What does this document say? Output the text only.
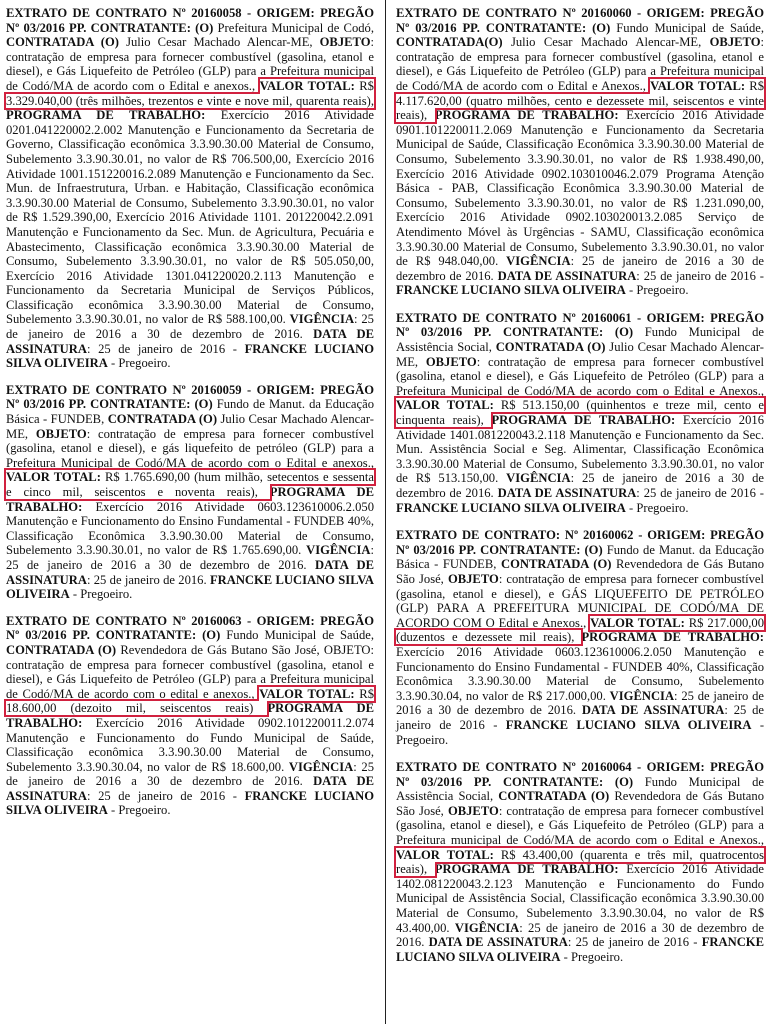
EXTRATO DE CONTRATO Nº 20160058 - ORIGEM: PREGÃO Nº 03/2016 PP. CONTRATANTE: (O) Prefeitura Municipal de Codó, CONTRATADA (O) Julio Cesar Machado Alencar-ME, OBJETO: contratação de empresa para fornecer combustível (gasolina, etanol e diesel), e Gás Liquefeito de Petróleo (GLP) para a Prefeitura municipal de Codó/MA de acordo com o Edital e anexos., VALOR TOTAL: R$ 3.329.040,00 (três milhões, trezentos e vinte e nove mil, quarenta reais), PROGRAMA DE TRABALHO: Exercício 2016 Atividade 0201.041220002.2.002 Manutenção e Funcionamento da Secretaria de Governo, Classificação econômica 3.3.90.30.00 Material de Consumo, Subelemento 3.3.90.30.01, no valor de R$ 706.500,00, Exercício 2016 Atividade 1001.151220016.2.089 Manutenção e Funcionamento da Sec. Mun. de Infraestrutura, Urban. e Habitação, Classificação econômica 3.3.90.30.00 Material de Consumo, Subelemento 3.3.90.30.01, no valor de R$ 1.529.390,00, Exercício 2016 Atividade 1101. 201220042.2.091 Manutenção e Funcionamento da Sec. Mun. de Agricultura, Pecuária e Abastecimento, Classificação econômica 3.3.90.30.00 Material de Consumo, Subelemento 3.3.90.30.01, no valor de R$ 505.050,00, Exercício 2016 Atividade 1301.041220020.2.113 Manutenção e Funcionamento da Secretaria Municipal de Serviços Públicos, Classificação econômica 3.3.90.30.00 Material de Consumo, Subelemento 3.3.90.30.01, no valor de R$ 588.100,00. VIGÊNCIA: 25 de janeiro de 2016 a 30 de dezembro de 2016. DATA DE ASSINATURA: 25 de janeiro de 2016 - FRANCKE LUCIANO SILVA OLIVEIRA - Pregoeiro.

EXTRATO DE CONTRATO Nº 20160059 - ORIGEM: PREGÃO Nº 03/2016 PP. CONTRATANTE: (O) Fundo de Manut. da Educação Básica - FUNDEB, CONTRATADA (O) Julio Cesar Machado Alencar-ME, OBJETO: contratação de empresa para fornecer combustível (gasolina, etanol e diesel), e gás liquefeito de petróleo (GLP) para a Prefeitura Municipal de Codó/MA de acordo com o Edital e anexos., VALOR TOTAL: R$ 1.765.690,00 (hum milhão, setecentos e sessenta e cinco mil, seiscentos e noventa reais), PROGRAMA DE TRABALHO: Exercício 2016 Atividade 0603.123610006.2.050 Manutenção e Funcionamento do Ensino Fundamental - FUNDEB 40%, Classificação Econômica 3.3.90.30.00 Material de Consumo, Subelemento 3.3.90.30.01, no valor de R$ 1.765.690,00. VIGÊNCIA: 25 de janeiro de 2016 a 30 de dezembro de 2016. DATA DE ASSINATURA: 25 de janeiro de 2016. FRANCKE LUCIANO SILVA OLIVEIRA - Pregoeiro.

EXTRATO DE CONTRATO Nº 20160063 - ORIGEM: PREGÃO Nº 03/2016 PP. CONTRATANTE: (O) Fundo Municipal de Saúde, CONTRATADA (O) Revendedora de Gás Butano São José, OBJETO: contratação de empresa para fornecer combustível (gasolina, etanol e diesel), e Gás Liquefeito de Petróleo (GLP) para a Prefeitura municipal de Codó/MA de acordo com o edital e anexos., VALOR TOTAL: R$ 18.600,00 (dezoito mil, seiscentos reais) PROGRAMA DE TRABALHO: Exercício 2016 Atividade 0902.101220011.2.074 Manutenção e Funcionamento do Fundo Municipal de Saúde, Classificação econômica 3.3.90.30.00 Material de Consumo, Subelemento 3.3.90.30.04, no valor de R$ 18.600,00. VIGÊNCIA: 25 de janeiro de 2016 a 30 de dezembro de 2016. DATA DE ASSINATURA: 25 de janeiro de 2016 - FRANCKE LUCIANO SILVA OLIVEIRA - Pregoeiro.

EXTRATO DE CONTRATO Nº 20160060 - ORIGEM: PREGÃO Nº 03/2016 PP. CONTRATANTE: (O) Fundo Municipal de Saúde, CONTRATADA(O) Julio Cesar Machado Alencar-ME, OBJETO: contratação de empresa para fornecer combustível (gasolina, etanol e diesel), e Gás Liquefeito de Petróleo (GLP) para a Prefeitura municipal de Codó/MA de acordo com o Edital e Anexos., VALOR TOTAL: R$ 4.117.620,00 (quatro milhões, cento e dezessete mil, seiscentos e vinte reais), PROGRAMA DE TRABALHO: Exercício 2016 Atividade 0901.101220011.2.069 Manutenção e Funcionamento da Secretaria Municipal de Saúde, Classificação Econômica 3.3.90.30.00 Material de Consumo, Subelemento 3.3.90.30.01, no valor de R$ 1.938.490,00, Exercício 2016 Atividade 0902.103010046.2.079 Programa Atenção Básica - PAB, Classificação Econômica 3.3.90.30.00 Material de Consumo, Subelemento 3.3.90.30.01, no valor de R$ 1.231.090,00, Exercício 2016 Atividade 0902.103020013.2.085 Serviço de Atendimento Móvel às Urgências - SAMU, Classificação econômica 3.3.90.30.00 Material de Consumo, Subelemento 3.3.90.30.01, no valor de R$ 948.040,00. VIGÊNCIA: 25 de janeiro de 2016 a 30 de dezembro de 2016. DATA DE ASSINATURA: 25 de janeiro de 2016 - FRANCKE LUCIANO SILVA OLIVEIRA - Pregoeiro.

EXTRATO DE CONTRATO Nº 20160061 - ORIGEM: PREGÃO Nº 03/2016 PP. CONTRATANTE: (O) Fundo Municipal de Assistência Social, CONTRATADA (O) Julio Cesar Machado Alencar-ME, OBJETO: contratação de empresa para fornecer combustível (gasolina, etanol e diesel), e Gás Liquefeito de Petróleo (GLP) para a Prefeitura Municipal de Codó/MA de acordo com o Edital e Anexos., VALOR TOTAL: R$ 513.150,00 (quinhentos e treze mil, cento e cinquenta reais), PROGRAMA DE TRABALHO: Exercício 2016 Atividade 1401.081220043.2.118 Manutenção e Funcionamento da Sec. Mun. Assistência Social e Seg. Alimentar, Classificação Econômica 3.3.90.30.00 Material de Consumo, Subelemento 3.3.90.30.01, no valor de R$ 513.150,00. VIGÊNCIA: 25 de janeiro de 2016 a 30 de dezembro de 2016. DATA DE ASSINATURA: 25 de janeiro de 2016 - FRANCKE LUCIANO SILVA OLIVEIRA - Pregoeiro.

EXTRATO DE CONTRATO: Nº 20160062 - ORIGEM: PREGÃO Nº 03/2016 PP. CONTRATANTE: (O) Fundo de Manut. da Educação Básica - FUNDEB, CONTRATADA (O) Revendedora de Gás Butano São José, OBJETO: contratação de empresa para fornecer combustível (gasolina, etanol e diesel), e GÁS LIQUEFEITO DE PETRÓLEO (GLP) PARA A PREFEITURA MUNICIPAL DE CODÓ/MA DE ACORDO COM O Edital e Anexos., VALOR TOTAL: R$ 217.000,00 (duzentos e dezessete mil reais), PROGRAMA DE TRABALHO: Exercício 2016 Atividade 0603.123610006.2.050 Manutenção e Funcionamento do Ensino Fundamental - FUNDEB 40%, Classificação Econômica 3.3.90.30.00 Material de Consumo, Subelemento 3.3.90.30.04, no valor de R$ 217.000,00. VIGÊNCIA: 25 de janeiro de 2016 a 30 de dezembro de 2016. DATA DE ASSINATURA: 25 de janeiro de 2016 - FRANCKE LUCIANO SILVA OLIVEIRA - Pregoeiro.

EXTRATO DE CONTRATO Nº 20160064 - ORIGEM: PREGÃO Nº 03/2016 PP. CONTRATANTE: (O) Fundo Municipal de Assistência Social, CONTRATADA (O) Revendedora de Gás Butano São José, OBJETO: contratação de empresa para fornecer combustível (gasolina, etanol e diesel), e Gás Liquefeito de Petróleo (GLP) para a Prefeitura municipal de Codó/MA de acordo com o Edital e Anexos., VALOR TOTAL: R$ 43.400,00 (quarenta e três mil, quatrocentos reais), PROGRAMA DE TRABALHO: Exercício 2016 Atividade 1402.081220043.2.123 Manutenção e Funcionamento do Fundo Municipal de Assistência Social, Classificação econômica 3.3.90.30.00 Material de Consumo, Subelemento 3.3.90.30.04, no valor de R$ 43.400,00. VIGÊNCIA: 25 de janeiro de 2016 a 30 de dezembro de 2016. DATA DE ASSINATURA: 25 de janeiro de 2016 - FRANCKE LUCIANO SILVA OLIVEIRA - Pregoeiro.
